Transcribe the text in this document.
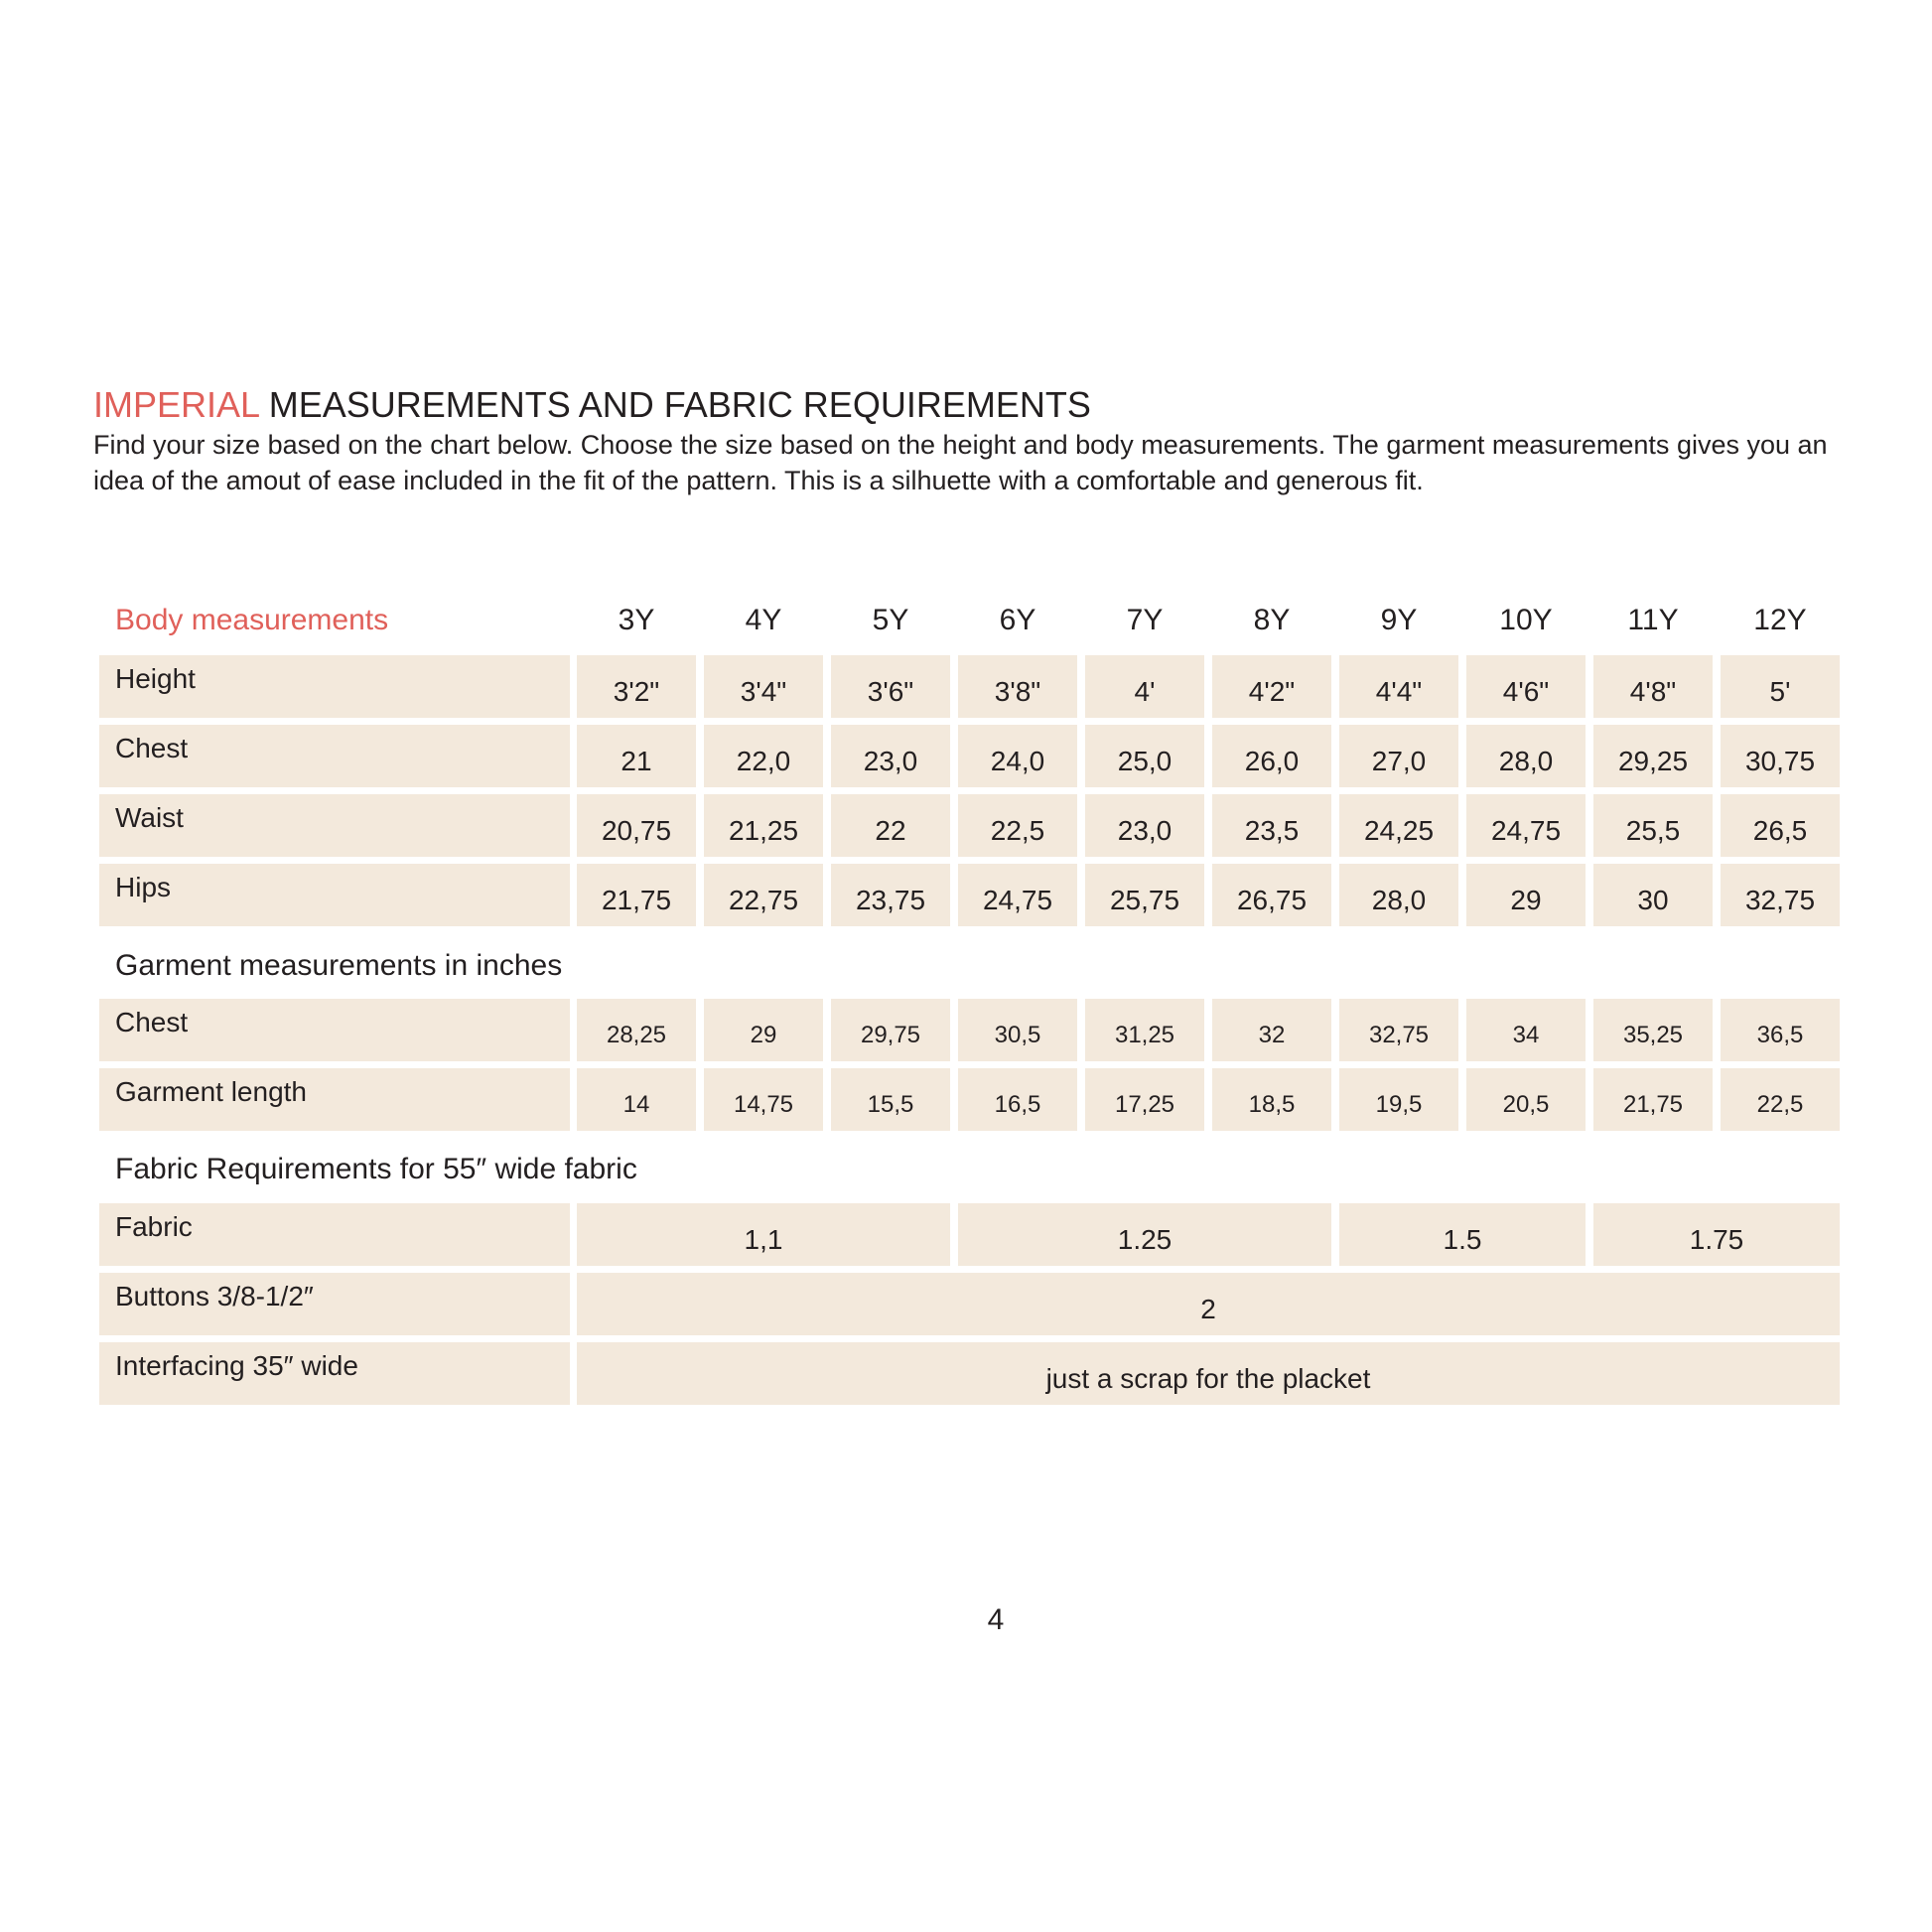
IMPERIAL MEASUREMENTS AND FABRIC REQUIREMENTS

Find your size based on the chart below. Choose the size based on the height and body measurements. The garment measurements gives you an idea of the amout of ease included in the fit of the pattern. This is a silhuette with a comfortable and generous fit.

Body measurements	3Y	4Y	5Y	6Y	7Y	8Y	9Y	10Y	11Y	12Y
Height	3'2"	3'4"	3'6"	3'8"	4'	4'2"	4'4"	4'6"	4'8"	5'
Chest	21	22,0	23,0	24,0	25,0	26,0	27,0	28,0	29,25	30,75
Waist	20,75	21,25	22	22,5	23,0	23,5	24,25	24,75	25,5	26,5
Hips	21,75	22,75	23,75	24,75	25,75	26,75	28,0	29	30	32,75
Garment measurements in inches
Chest	28,25	29	29,75	30,5	31,25	32	32,75	34	35,25	36,5
Garment length	14	14,75	15,5	16,5	17,25	18,5	19,5	20,5	21,75	22,5
Fabric Requirements for 55″ wide fabric
Fabric	1,1	1.25	1.5	1.75
Buttons 3/8-1/2″	2
Interfacing 35″ wide	just a scrap for the placket
4
